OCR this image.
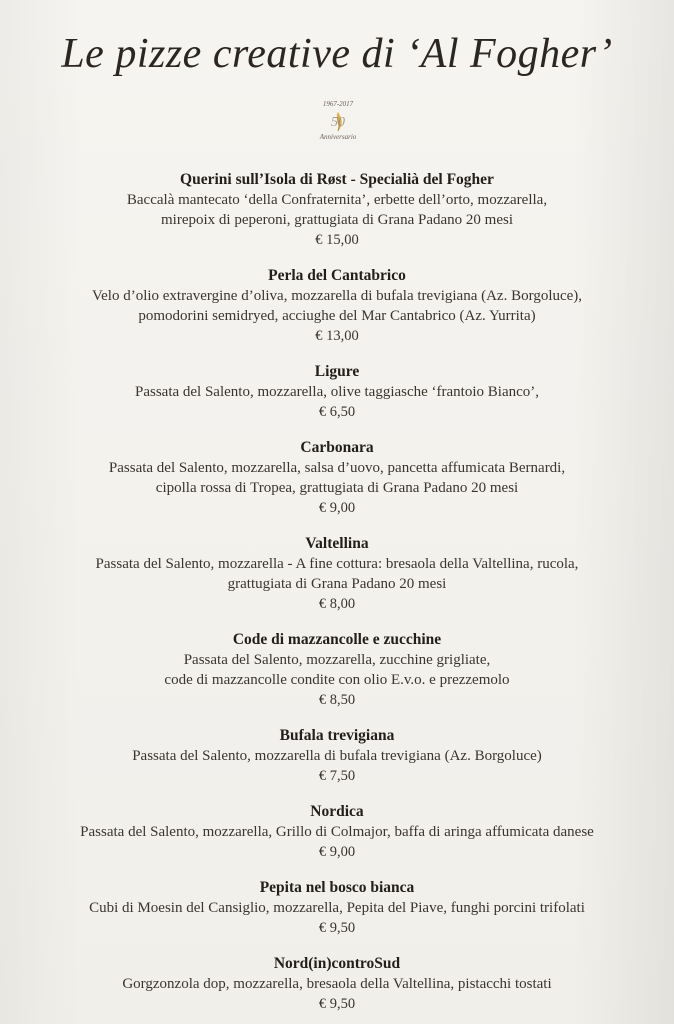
Le pizze creative di ‘Al Fogher’
1967-2017
50
Anniversario
Querini sull’Isola di Røst - Specialià del Fogher
Baccalà mantecato ‘della Confraternita’, erbette dell’orto, mozzarella,
mirepoix di peperoni, grattugiata di Grana Padano 20 mesi
€ 15,00
Perla del Cantabrico
Velo d’olio extravergine d’oliva, mozzarella di bufala trevigiana (Az. Borgoluce),
pomodorini semidryed, acciughe del Mar Cantabrico (Az. Yurrita)
€ 13,00
Ligure
Passata del Salento, mozzarella, olive taggiasche ‘frantoio Bianco’,
€ 6,50
Carbonara
Passata del Salento, mozzarella, salsa d’uovo, pancetta affumicata Bernardi,
cipolla rossa di Tropea, grattugiata di Grana Padano 20 mesi
€ 9,00
Valtellina
Passata del Salento, mozzarella - A fine cottura: bresaola della Valtellina, rucola,
grattugiata di Grana Padano 20 mesi
€ 8,00
Code di mazzancolle e zucchine
Passata del Salento, mozzarella, zucchine grigliate,
code di mazzancolle condite con olio E.v.o. e prezzemolo
€ 8,50
Bufala trevigiana
Passata del Salento, mozzarella di bufala trevigiana (Az. Borgoluce)
€ 7,50
Nordica
Passata del Salento, mozzarella, Grillo di Colmajor, baffa di aringa affumicata danese
€ 9,00
Pepita nel bosco bianca
Cubi di Moesin del Cansiglio, mozzarella, Pepita del Piave, funghi porcini trifolati
€ 9,50
Nord(in)controSud
Gorgzonzola dop, mozzarella, bresaola della Valtellina, pistacchi tostati
€ 9,50
